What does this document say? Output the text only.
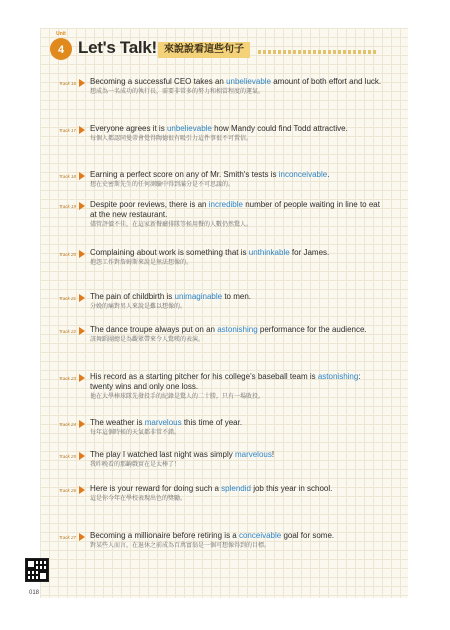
Unit
4 Let's Talk! 來說說看這些句子
Track 16 Becoming a successful CEO takes an unbelievable amount of both effort and luck.
想成為一名成功的執行長，需要非常多的努力和相當程度的運氣。
Track 17 Everyone agrees it is unbelievable how Mandy could find Todd attractive.
每個人都認同曼蒂會覺得陶德很有吸引力這件事很不可置信。
Track 18 Earning a perfect score on any of Mr. Smith's tests is inconceivable.
想在史密斯先生的任何測驗中得到滿分是不可思議的。
Track 19 Despite poor reviews, there is an incredible number of people waiting in line to eat at the new restaurant.
儘管評價不佳，在這家新餐廳排隊等候用餐的人數仍然驚人。
Track 20 Complaining about work is something that is unthinkable for James.
抱怨工作對詹姆斯來說是無法想像的。
Track 21 The pain of childbirth is unimaginable to men.
分娩的痛對男人來說是難以想像的。
Track 22 The dance troupe always put on an astonishing performance for the audience.
該舞蹈團總是為觀眾帶來令人驚嘆的表演。
Track 23 His record as a starting pitcher for his college's baseball team is astonishing: twenty wins and only one loss.
他在大學棒球隊先發投手的紀錄是驚人的二十勝，只有一場敗投。
Track 24 The weather is marvelous this time of year.
每年這個時候的天氣都非常不錯。
Track 25 The play I watched last night was simply marvelous!
我昨晚看的那齣戲實在是太棒了！
Track 26 Here is your reward for doing such a splendid job this year in school.
這是你今年在學校表現出色的獎勵。
Track 27 Becoming a millionaire before retiring is a conceivable goal for some.
對某些人而言，在退休之前成為百萬富翁是一個可想像得到的目標。
018
